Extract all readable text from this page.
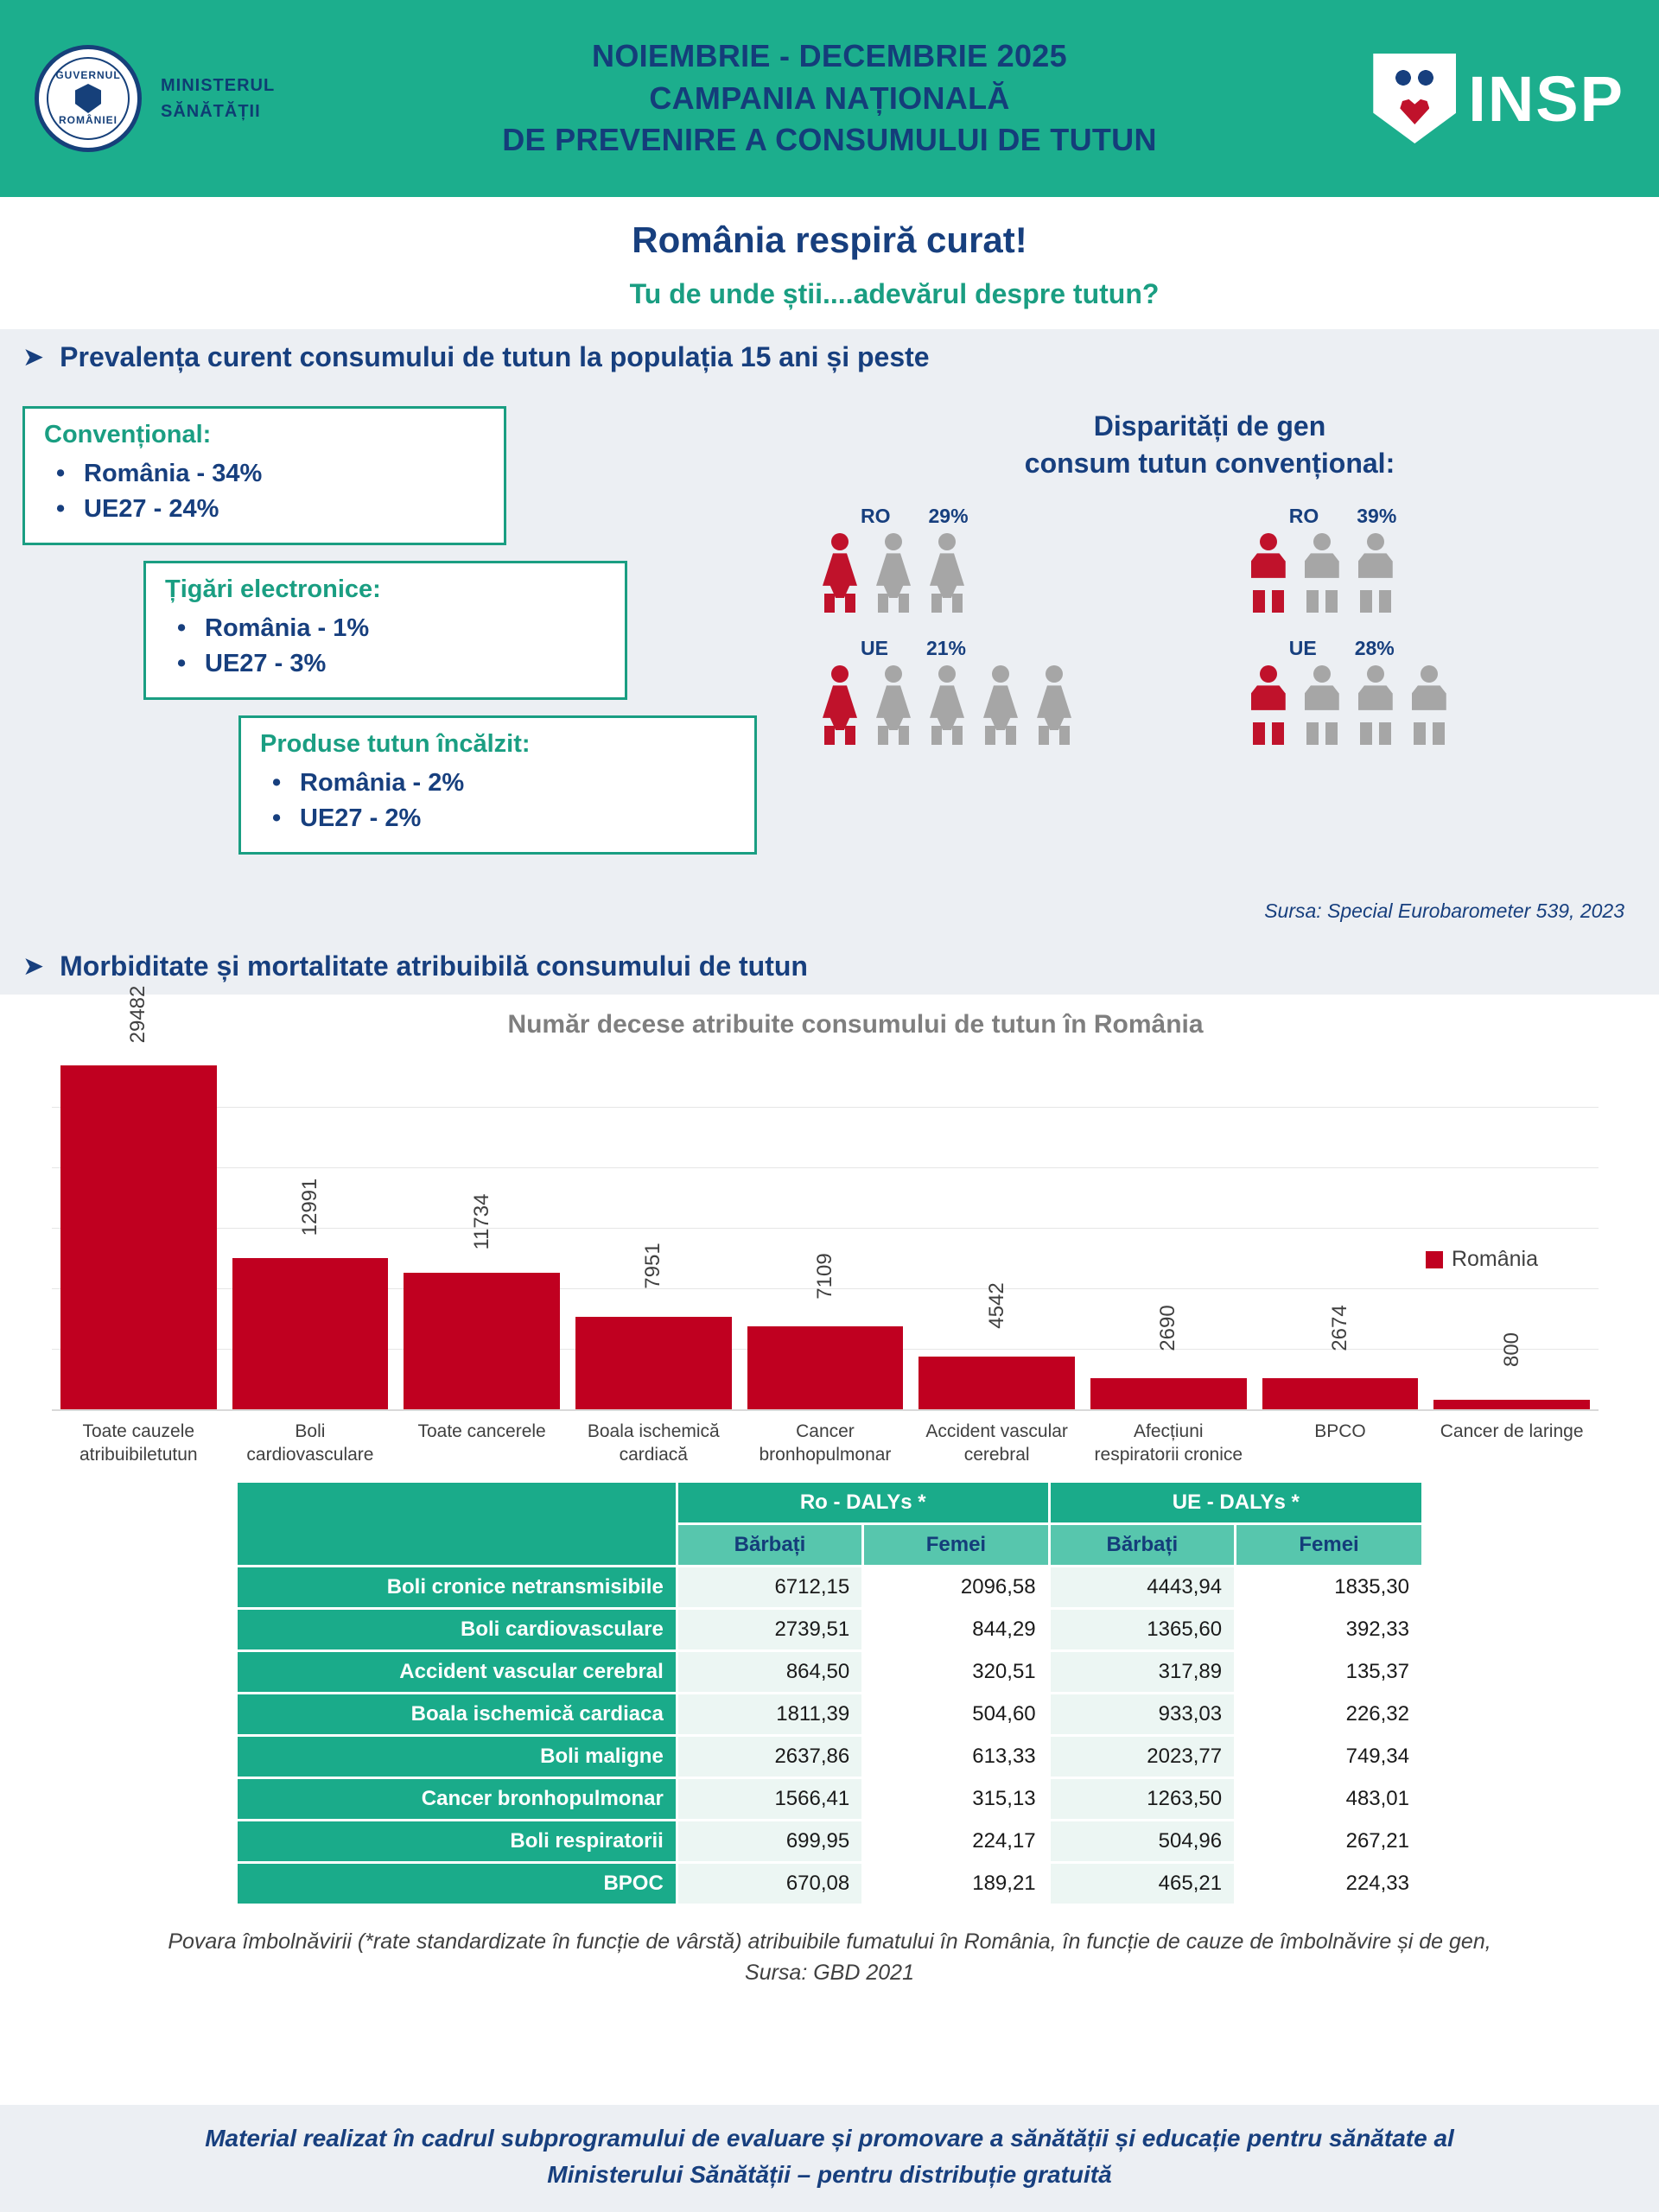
GUVERNUL
ROMÂNIEI
MINISTERUL
SĂNĂTĂȚII
NOIEMBRIE - DECEMBRIE 2025
CAMPANIA NAȚIONALĂ
DE PREVENIRE A CONSUMULUI DE TUTUN
INSP
România respiră curat!
Tu de unde știi....adevărul despre tutun?
➤ Prevalența curent consumului de tutun la populația 15 ani și peste
Convențional:
• România - 34%
• UE27 - 24%
Țigări electronice:
• România - 1%
• UE27 - 3%
Produse tutun încălzit:
• România - 2%
• UE27 - 2%
Disparități de gen
consum tutun convențional:
RO 29%
UE 21%
RO 39%
UE 28%
Sursa: Special Eurobarometer 539, 2023
➤ Morbiditate și mortalitate atribuibilă consumului de tutun
Număr decese atribuite consumului de tutun în România
29482
12991	11734
7951	7109
4542	2690	2674	800
România
Toate cauzele atribuibiletutun
Boli cardiovasculare
Toate cancerele	Boala ischemică cardiacă
Cancer bronhopulmonar
Accident vascular cerebral
Afecțiuni respiratorii cronice
BPCO	Cancer de laringe
	Ro - DALYs *		UE - DALYs *	
	Bărbați	Femei	Bărbați	Femei
Boli cronice netransmisibile	6712,15	2096,58	4443,94	1835,30
Boli cardiovasculare	2739,51	844,29	1365,60	392,33
Accident vascular cerebral	864,50	320,51	317,89	135,37
Boala ischemică cardiaca	1811,39	504,60	933,03	226,32
Boli maligne	2637,86	613,33	2023,77	749,34
Cancer bronhopulmonar	1566,41	315,13	1263,50	483,01
Boli respiratorii	699,95	224,17	504,96	267,21
BPOC	670,08	189,21	465,21	224,33
Povara îmbolnăvirii (*rate standardizate în funcție de vârstă) atribuibile fumatului în România, în funcție de cauze de îmbolnăvire și de gen, Sursa: GBD 2021
Material realizat în cadrul subprogramului de evaluare și promovare a sănătății și educație pentru sănătate al
Ministerului Sănătății – pentru distribuție gratuită
